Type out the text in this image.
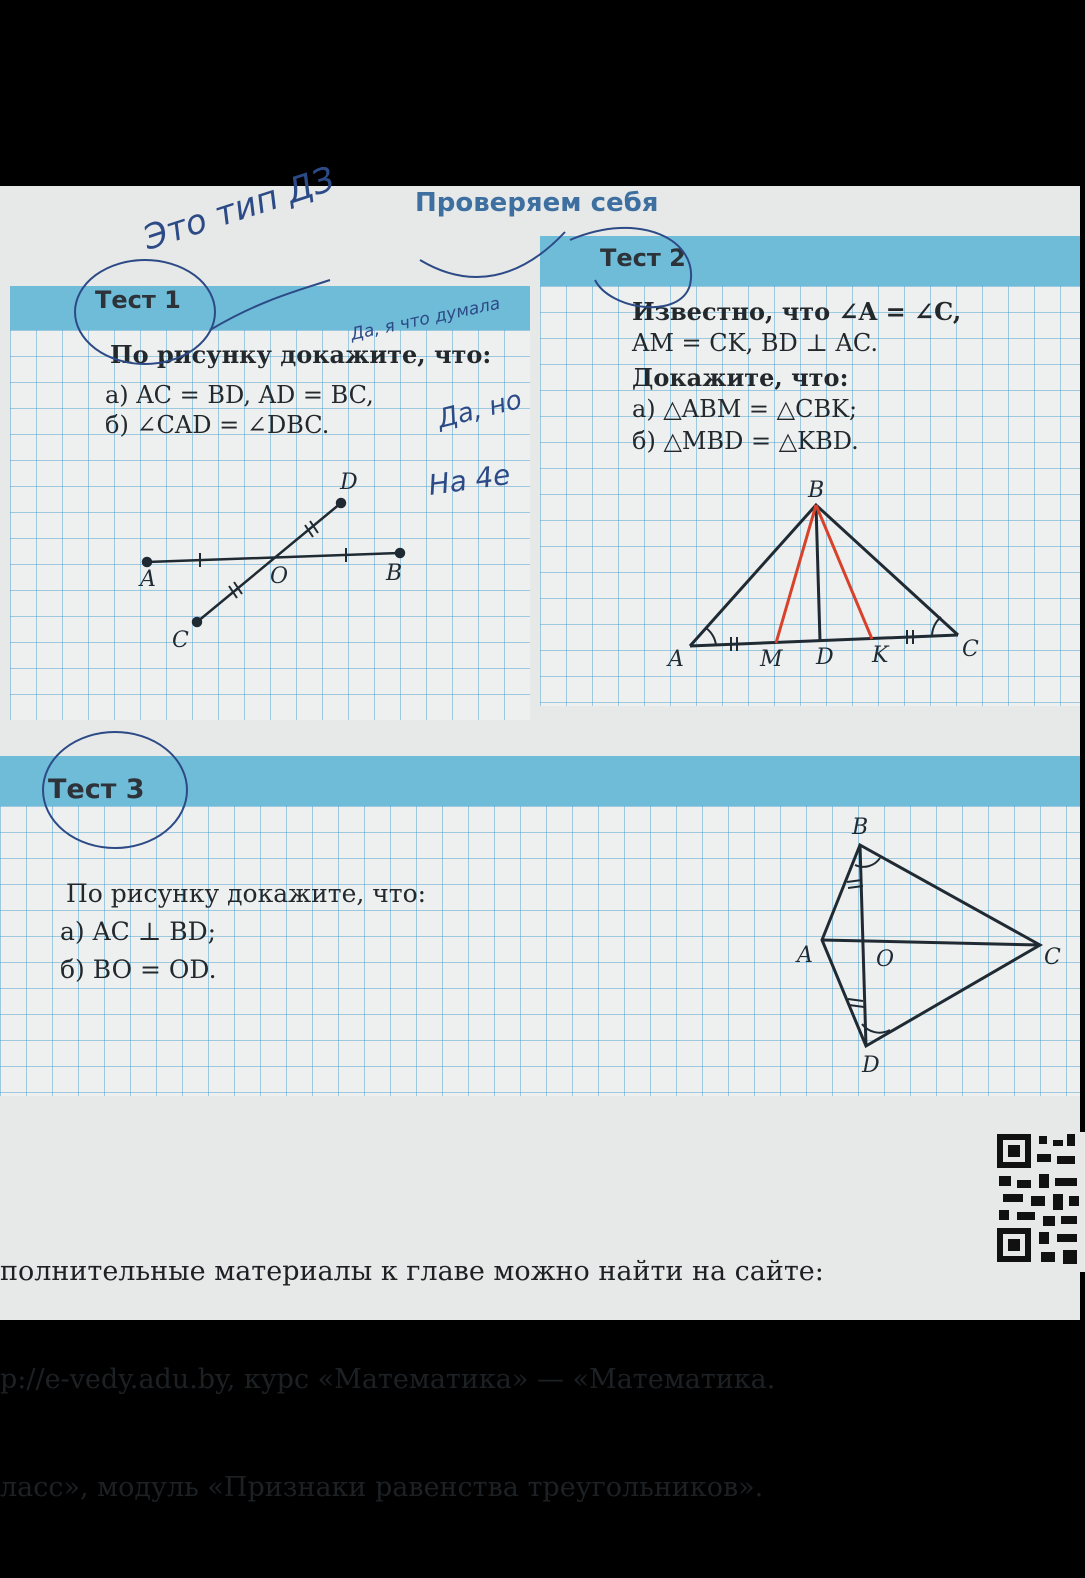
Проверяем себя
Тест 1
Тест 2
Тест 3
По рисунку докажите, что:
а) AC = BD, AD = BC,
б) ∠CAD = ∠DBC.
Известно, что ∠A = ∠C,
AM = CK, BD ⊥ AC.
Докажите, что:
а) △ABM = △CBK;
б) △MBD = △KBD.
По рисунку докажите, что:
а) AC ⊥ BD;
б) BO = OD.

полнительные материалы к главе можно найти на сайте:

p://e-vedy.adu.by, курс «Математика» — «Математика.

ласс», модуль «Признаки равенства треугольников».

A	B
C
D
O
B
A	C
M D K
B
A	C
D
O
Это тип ДЗ
Да, я что думала
Да, но
На 4е
